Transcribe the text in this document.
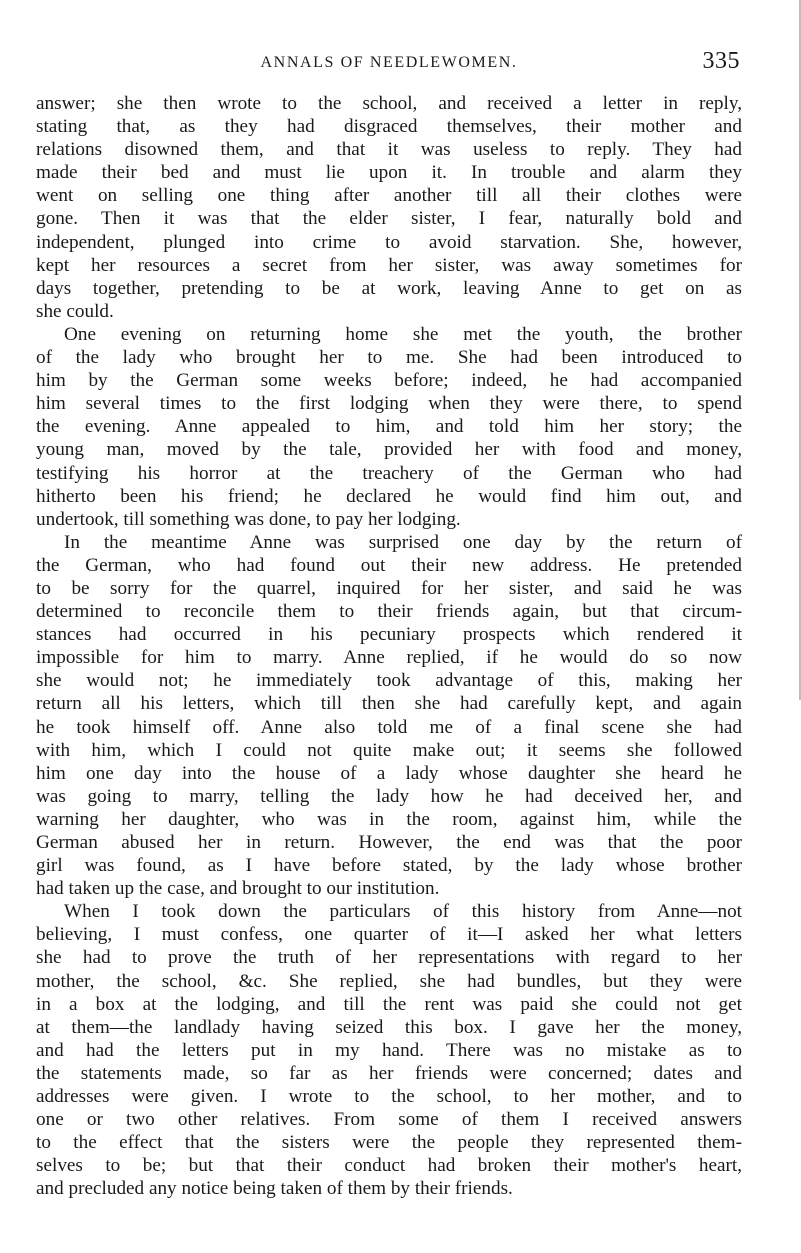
ANNALS OF NEEDLEWOMEN.	335
answer; she then wrote to the school, and received a letter in reply,
stating that, as they had disgraced themselves, their mother and
relations disowned them, and that it was useless to reply. They had
made their bed and must lie upon it. In trouble and alarm they
went on selling one thing after another till all their clothes were
gone. Then it was that the elder sister, I fear, naturally bold and
independent, plunged into crime to avoid starvation. She, however,
kept her resources a secret from her sister, was away sometimes for
days together, pretending to be at work, leaving Anne to get on as
she could.
One evening on returning home she met the youth, the brother
of the lady who brought her to me. She had been introduced to
him by the German some weeks before; indeed, he had accompanied
him several times to the first lodging when they were there, to spend
the evening. Anne appealed to him, and told him her story; the
young man, moved by the tale, provided her with food and money,
testifying his horror at the treachery of the German who had
hitherto been his friend; he declared he would find him out, and
undertook, till something was done, to pay her lodging.
In the meantime Anne was surprised one day by the return of
the German, who had found out their new address. He pretended
to be sorry for the quarrel, inquired for her sister, and said he was
determined to reconcile them to their friends again, but that circum-
stances had occurred in his pecuniary prospects which rendered it
impossible for him to marry. Anne replied, if he would do so now
she would not; he immediately took advantage of this, making her
return all his letters, which till then she had carefully kept, and again
he took himself off. Anne also told me of a final scene she had
with him, which I could not quite make out; it seems she followed
him one day into the house of a lady whose daughter she heard he
was going to marry, telling the lady how he had deceived her, and
warning her daughter, who was in the room, against him, while the
German abused her in return. However, the end was that the poor
girl was found, as I have before stated, by the lady whose brother
had taken up the case, and brought to our institution.
When I took down the particulars of this history from Anne—not
believing, I must confess, one quarter of it—I asked her what letters
she had to prove the truth of her representations with regard to her
mother, the school, &c. She replied, she had bundles, but they were
in a box at the lodging, and till the rent was paid she could not get
at them—the landlady having seized this box. I gave her the money,
and had the letters put in my hand. There was no mistake as to
the statements made, so far as her friends were concerned; dates and
addresses were given. I wrote to the school, to her mother, and to
one or two other relatives. From some of them I received answers
to the effect that the sisters were the people they represented them-
selves to be; but that their conduct had broken their mother's heart,
and precluded any notice being taken of them by their friends.
